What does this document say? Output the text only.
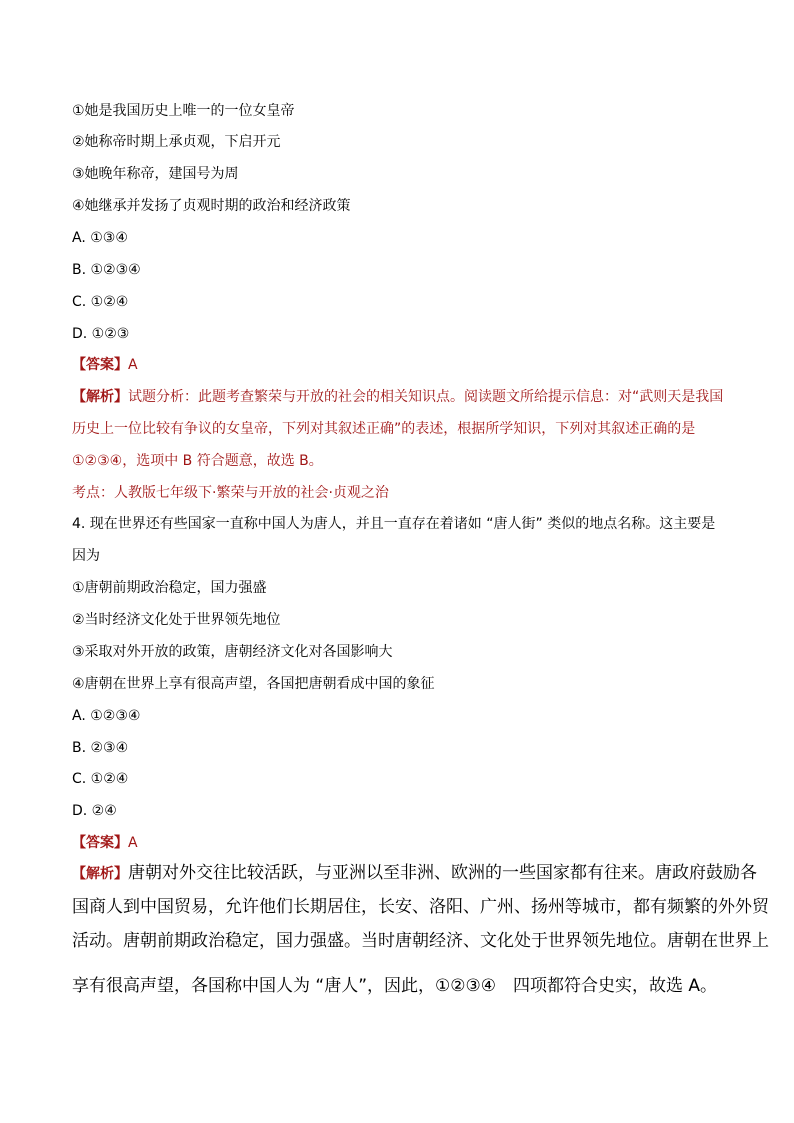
①她是我国历史上唯一的一位女皇帝
②她称帝时期上承贞观，下启开元
③她晚年称帝，建国号为周
④她继承并发扬了贞观时期的政治和经济政策
A. ①③④
B. ①②③④
C. ①②④
D. ①②③
【答案】A
【解析】试题分析：此题考查繁荣与开放的社会的相关知识点。阅读题文所给提示信息：对“武则天是我国
历史上一位比较有争议的女皇帝，下列对其叙述正确”的表述，根据所学知识，下列对其叙述正确的是
①②③④，选项中 B 符合题意，故选 B。
考点：人教版七年级下·繁荣与开放的社会·贞观之治
4. 现在世界还有些国家一直称中国人为唐人，并且一直存在着诸如 “唐人街” 类似的地点名称。这主要是
因为
①唐朝前期政治稳定，国力强盛
②当时经济文化处于世界领先地位
③采取对外开放的政策，唐朝经济文化对各国影响大
④唐朝在世界上享有很高声望，各国把唐朝看成中国的象征
A. ①②③④
B. ②③④
C. ①②④
D. ②④
【答案】A
【解析】唐朝对外交往比较活跃，与亚洲以至非洲、欧洲的一些国家都有往来。唐政府鼓励各
国商人到中国贸易，允许他们长期居住，长安、洛阳、广州、扬州等城市，都有频繁的外外贸
活动。唐朝前期政治稳定，国力强盛。当时唐朝经济、文化处于世界领先地位。唐朝在世界上
享有很高声望，各国称中国人为 “唐人”，因此，①②③④　四项都符合史实，故选 A。
